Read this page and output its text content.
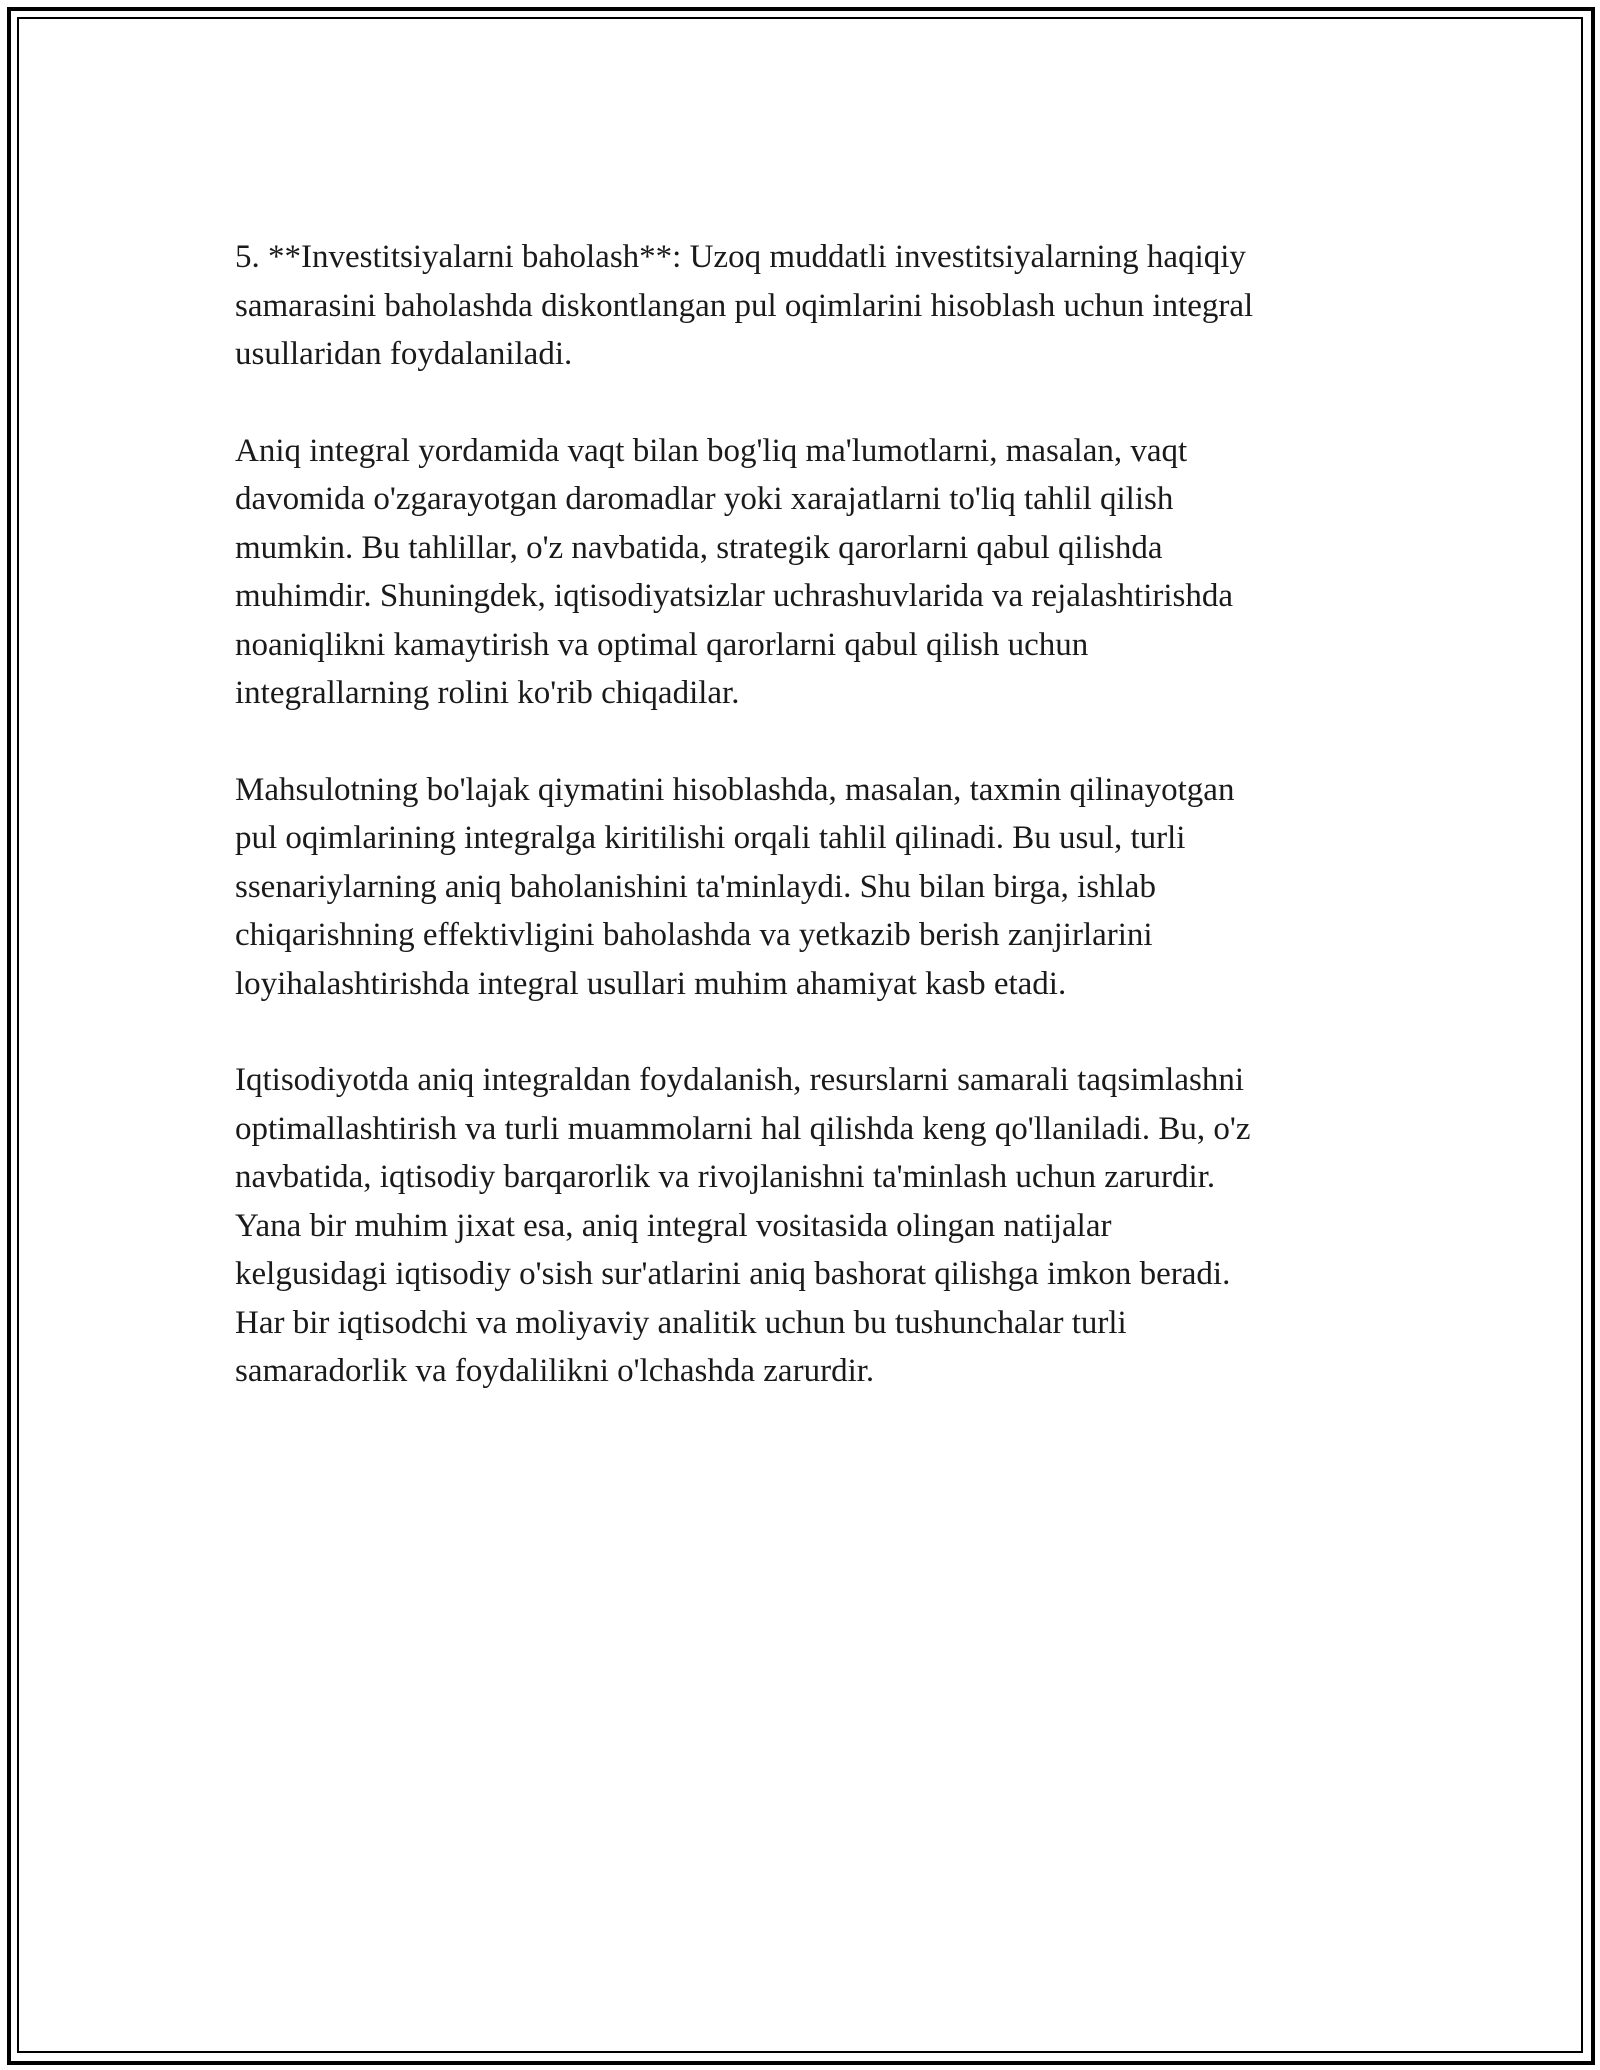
5. **Investitsiyalarni baholash**: Uzoq muddatli investitsiyalarning haqiqiy
samarasini baholashda diskontlangan pul oqimlarini hisoblash uchun integral
usullaridan foydalaniladi.

Aniq integral yordamida vaqt bilan bog'liq ma'lumotlarni, masalan, vaqt
davomida o'zgarayotgan daromadlar yoki xarajatlarni to'liq tahlil qilish
mumkin. Bu tahlillar, o'z navbatida, strategik qarorlarni qabul qilishda
muhimdir. Shuningdek, iqtisodiyatsizlar uchrashuvlarida va rejalashtirishda
noaniqlikni kamaytirish va optimal qarorlarni qabul qilish uchun
integrallarning rolini ko'rib chiqadilar.

Mahsulotning bo'lajak qiymatini hisoblashda, masalan, taxmin qilinayotgan
pul oqimlarining integralga kiritilishi orqali tahlil qilinadi. Bu usul, turli
ssenariylarning aniq baholanishini ta'minlaydi. Shu bilan birga, ishlab
chiqarishning effektivligini baholashda va yetkazib berish zanjirlarini
loyihalashtirishda integral usullari muhim ahamiyat kasb etadi.

Iqtisodiyotda aniq integraldan foydalanish, resurslarni samarali taqsimlashni
optimallashtirish va turli muammolarni hal qilishda keng qo'llaniladi. Bu, o'z
navbatida, iqtisodiy barqarorlik va rivojlanishni ta'minlash uchun zarurdir.
Yana bir muhim jixat esa, aniq integral vositasida olingan natijalar
kelgusidagi iqtisodiy o'sish sur'atlarini aniq bashorat qilishga imkon beradi.
Har bir iqtisodchi va moliyaviy analitik uchun bu tushunchalar turli
samaradorlik va foydalilikni o'lchashda zarurdir.
